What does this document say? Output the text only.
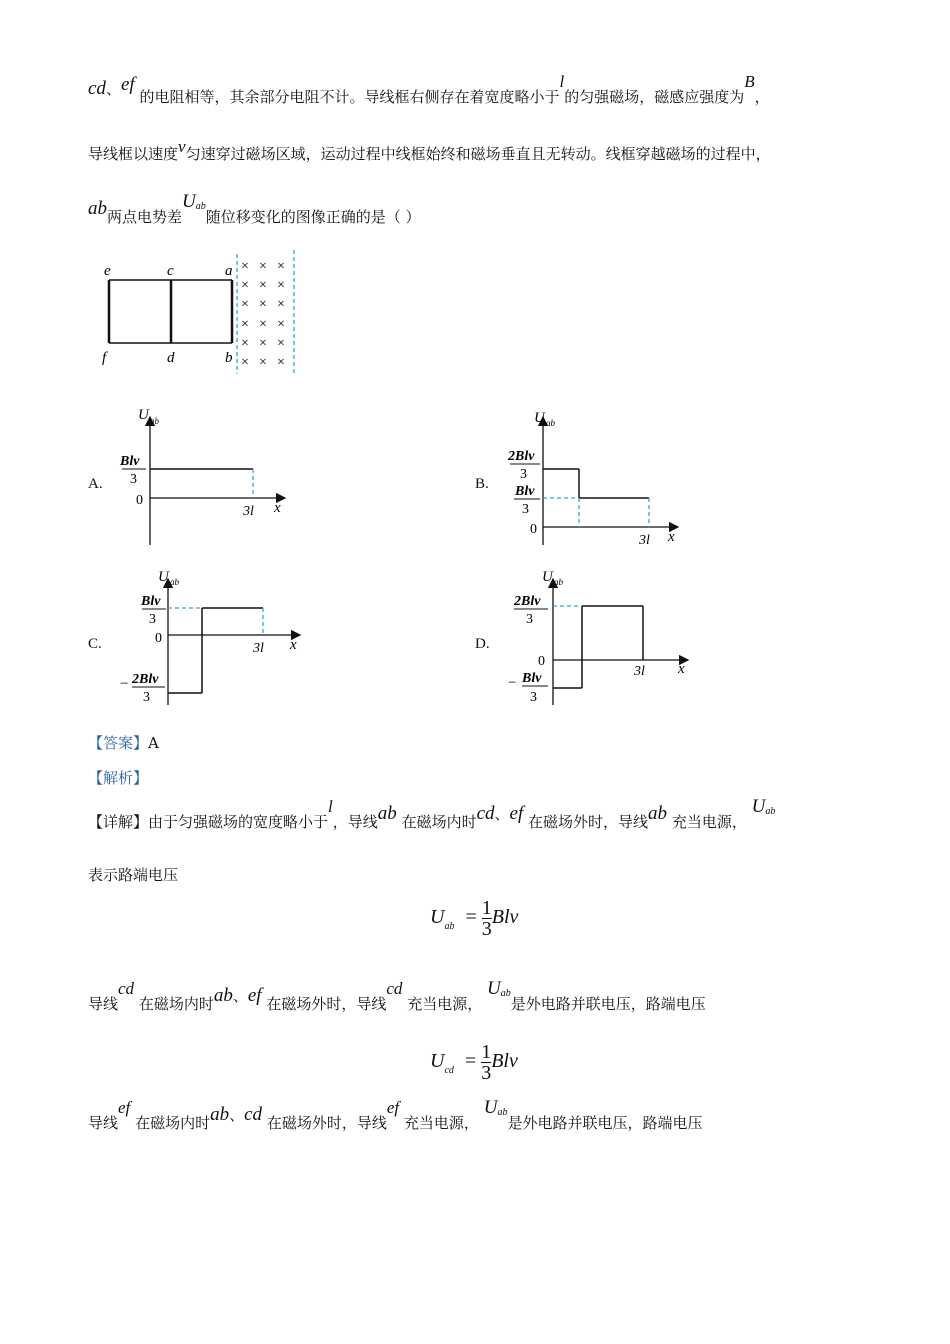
cd、ef 的电阻相等，其余部分电阻不计。导线框右侧存在着宽度略小于l的匀强磁场，磁感应强度为B，
导线框以速度v匀速穿过磁场区域，运动过程中线框始终和磁场垂直且无转动。线框穿越磁场的过程中，
ab两点电势差$U^{ab}$随位移变化的图像正确的是（ ）
e	c	a
f	d	b
× × ×
× × ×
× × ×
× × ×
× × ×
× × ×
A.
U ab
Blv
3
0
3l x
B.
U ab
2Blv
3
Blv
3
0
3l x
C.
U ab
Blv
3
0
− 2Blv
3
3l x	D.
U ab
2Blv
3
0
− Blv
3
3l x
【答案】A
【解析】
【详解】由于匀强磁场的宽度略小于l，导线ab 在磁场内时cd、ef 在磁场外时，导线ab 充当电源， $U^{ab}$
表示路端电压
$U_{ab} = \frac{1}{3}$ Blv
导线cd 在磁场内时ab、ef 在磁场外时，导线cd 充当电源， $U^{ab}$是外电路并联电压，路端电压
$U_{cd} = \frac{1}{3}$ Blv
导线ef 在磁场内时ab、cd 在磁场外时，导线ef 充当电源， $U^{ab}$是外电路并联电压，路端电压
